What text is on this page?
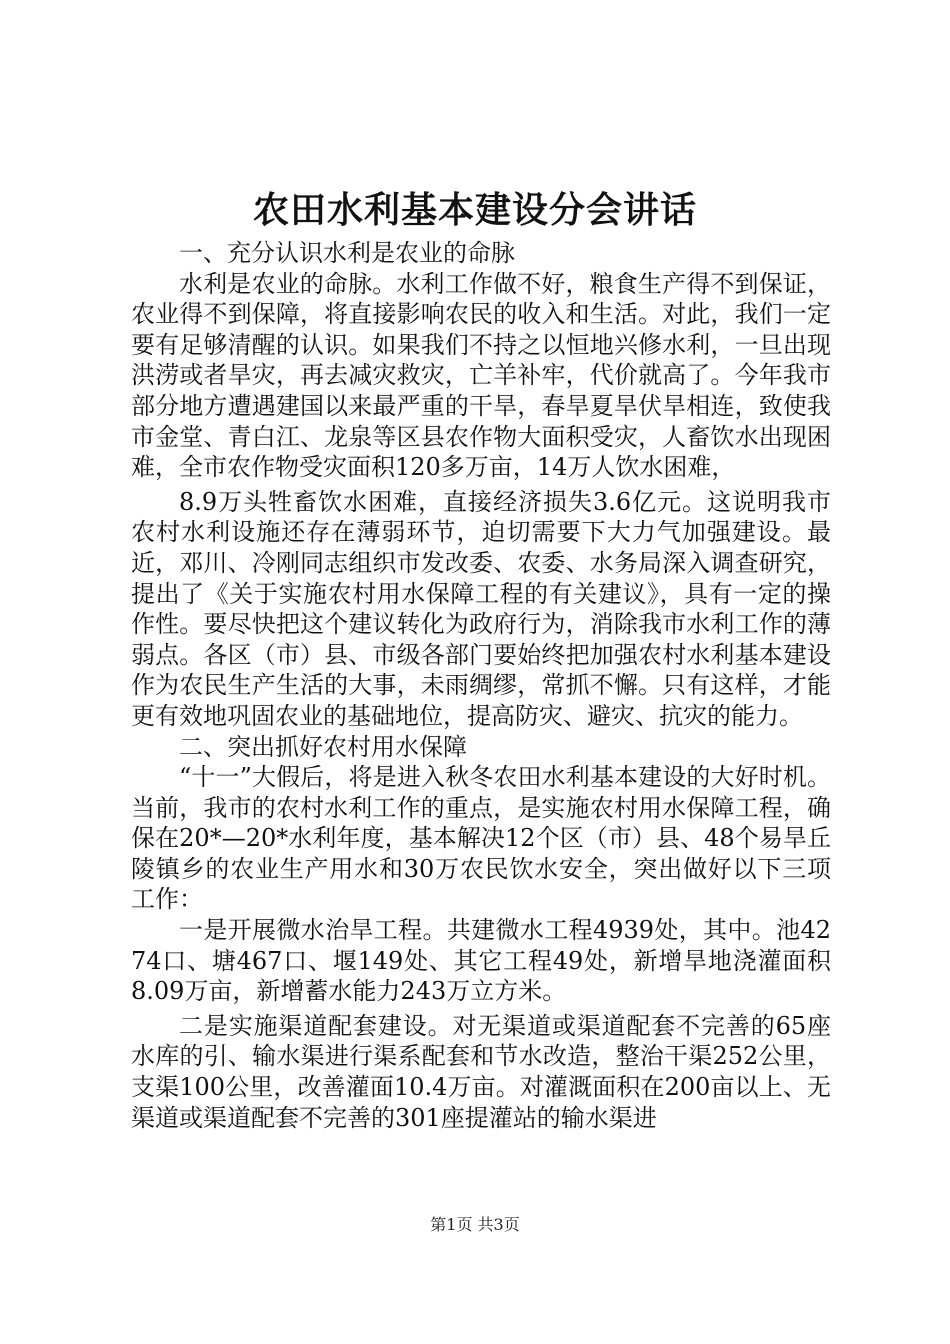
农田水利基本建设分会讲话

一、充分认识水利是农业的命脉

水利是农业的命脉。水利工作做不好，粮食生产得不到保证，农业得不到保障，将直接影响农民的收入和生活。对此，我们一定要有足够清醒的认识。如果我们不持之以恒地兴修水利，一旦出现洪涝或者旱灾，再去减灾救灾，亡羊补牢，代价就高了。今年我市部分地方遭遇建国以来最严重的干旱，春旱夏旱伏旱相连，致使我市金堂、青白江、龙泉等区县农作物大面积受灾，人畜饮水出现困难，全市农作物受灾面积120多万亩，14万人饮水困难，

8.9万头牲畜饮水困难，直接经济损失3.6亿元。这说明我市农村水利设施还存在薄弱环节，迫切需要下大力气加强建设。最近，邓川、冷刚同志组织市发改委、农委、水务局深入调查研究，提出了《关于实施农村用水保障工程的有关建议》，具有一定的操作性。要尽快把这个建议转化为政府行为，消除我市水利工作的薄弱点。各区（市）县、市级各部门要始终把加强农村水利基本建设作为农民生产生活的大事，未雨绸缪，常抓不懈。只有这样，才能更有效地巩固农业的基础地位，提高防灾、避灾、抗灾的能力。

二、突出抓好农村用水保障

“十一”大假后，将是进入秋冬农田水利基本建设的大好时机。当前，我市的农村水利工作的重点，是实施农村用水保障工程，确保在20*—20*水利年度，基本解决12个区（市）县、48个易旱丘陵镇乡的农业生产用水和30万农民饮水安全，突出做好以下三项工作：

一是开展微水治旱工程。共建微水工程4939处，其中。池4274口、塘467口、堰149处、其它工程49处，新增旱地浇灌面积8.09万亩，新增蓄水能力243万立方米。

二是实施渠道配套建设。对无渠道或渠道配套不完善的65座水库的引、输水渠进行渠系配套和节水改造，整治干渠252公里，支渠100公里，改善灌面10.4万亩。对灌溉面积在200亩以上、无渠道或渠道配套不完善的301座提灌站的输水渠进

第1页 共3页
